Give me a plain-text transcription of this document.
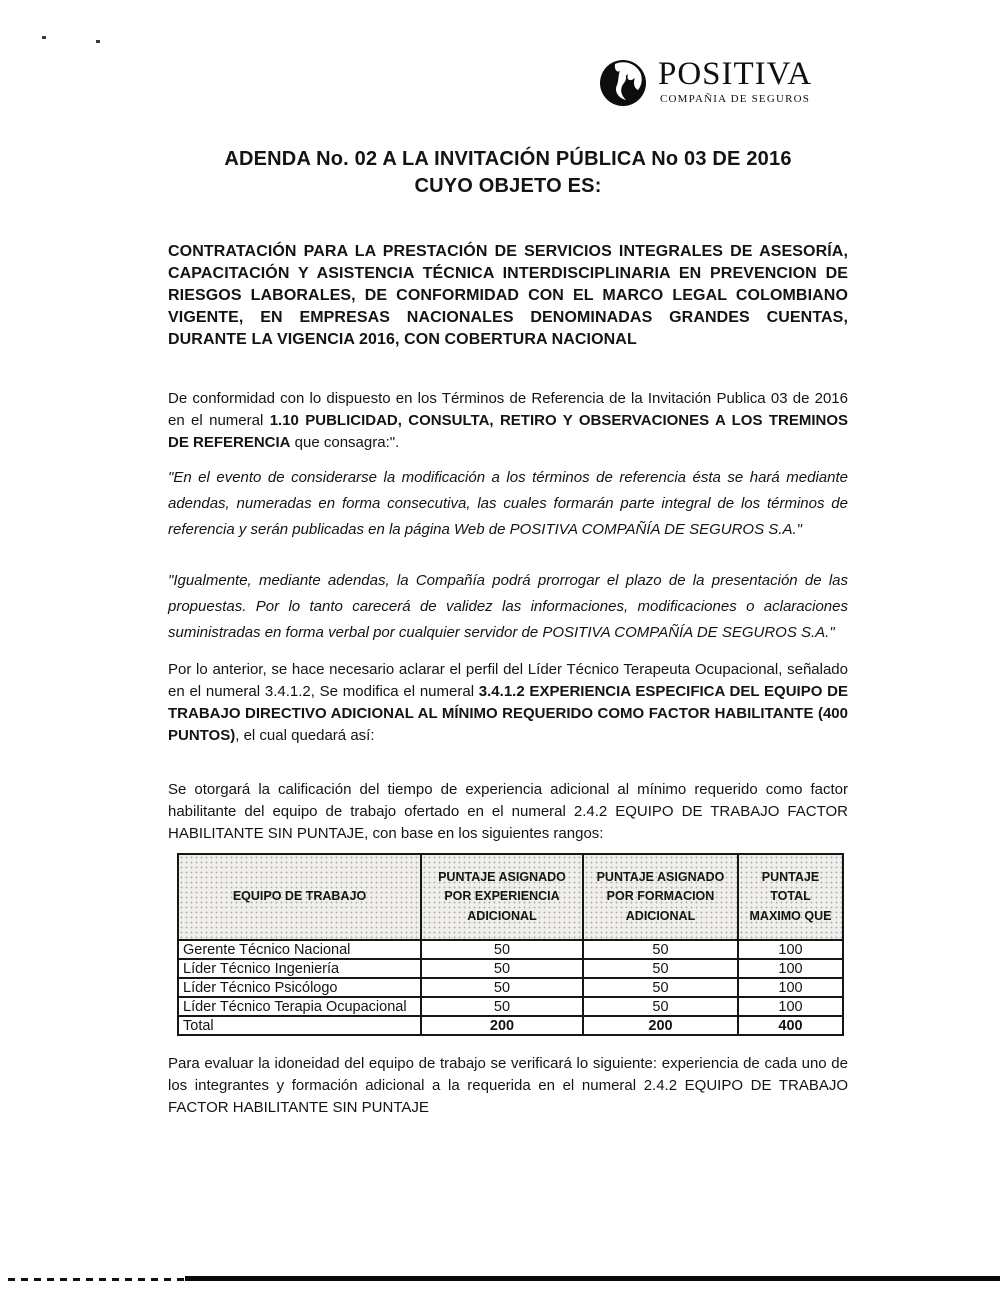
POSITIVA
COMPAÑIA DE SEGUROS
ADENDA No. 02 A LA INVITACIÓN PÚBLICA No 03 DE 2016
CUYO OBJETO ES:

CONTRATACIÓN PARA LA PRESTACIÓN DE SERVICIOS INTEGRALES DE ASESORÍA, CAPACITACIÓN Y ASISTENCIA TÉCNICA INTERDISCIPLINARIA EN PREVENCION DE RIESGOS LABORALES, DE CONFORMIDAD CON EL MARCO LEGAL COLOMBIANO VIGENTE, EN EMPRESAS NACIONALES DENOMINADAS GRANDES CUENTAS, DURANTE LA VIGENCIA 2016, CON COBERTURA NACIONAL

De conformidad con lo dispuesto en los Términos de Referencia de la Invitación Publica 03 de 2016 en el numeral 1.10 PUBLICIDAD, CONSULTA, RETIRO Y OBSERVACIONES A LOS TREMINOS DE REFERENCIA que consagra:".

"En el evento de considerarse la modificación a los términos de referencia ésta se hará mediante adendas, numeradas en forma consecutiva, las cuales formarán parte integral de los términos de referencia y serán publicadas en la página Web de POSITIVA COMPAÑÍA DE SEGUROS S.A."

"Igualmente, mediante adendas, la Compañía podrá prorrogar el plazo de la presentación de las propuestas. Por lo tanto carecerá de validez las informaciones, modificaciones o aclaraciones suministradas en forma verbal por cualquier servidor de POSITIVA COMPAÑÍA DE SEGUROS S.A."

Por lo anterior, se hace necesario aclarar el perfil del Líder Técnico Terapeuta Ocupacional, señalado en el numeral 3.4.1.2, Se modifica el numeral 3.4.1.2 EXPERIENCIA ESPECIFICA DEL EQUIPO DE TRABAJO DIRECTIVO ADICIONAL AL MÍNIMO REQUERIDO COMO FACTOR HABILITANTE (400 PUNTOS), el cual quedará así:

Se otorgará la calificación del tiempo de experiencia adicional al mínimo requerido como factor habilitante del equipo de trabajo ofertado en el numeral 2.4.2 EQUIPO DE TRABAJO FACTOR HABILITANTE SIN PUNTAJE, con base en los siguientes rangos:

EQUIPO DE TRABAJO	PUNTAJE ASIGNADO POR EXPERIENCIA ADICIONAL	PUNTAJE ASIGNADO POR FORMACION ADICIONAL	PUNTAJE TOTAL MAXIMO QUE
Gerente Técnico Nacional	50	50	100
Líder Técnico Ingeniería	50	50	100
Líder Técnico Psicólogo	50	50	100
Líder Técnico Terapia Ocupacional	50	50	100
Total	200	200	400

Para evaluar la idoneidad del equipo de trabajo se verificará lo siguiente: experiencia de cada uno de los integrantes y formación adicional a la requerida en el numeral 2.4.2 EQUIPO DE TRABAJO FACTOR HABILITANTE SIN PUNTAJE
